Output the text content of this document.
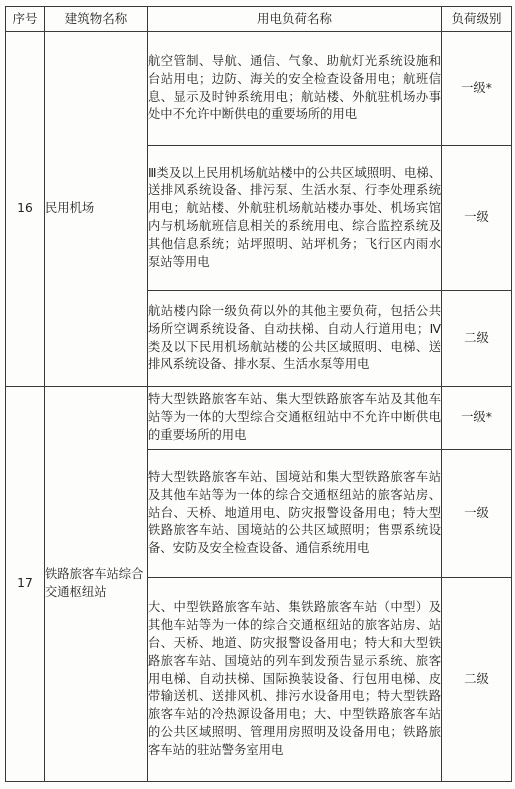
序号	建筑物名称	用电负荷名称	负荷级别
16	民用机场	航空管制、导航、通信、气象、助航灯光系统设施和台站用电；边防、海关的安全检查设备用电；航班信息、显示及时钟系统用电；航站楼、外航驻机场办事处中不允许中断供电的重要场所的用电	一级*
		Ⅲ类及以上民用机场航站楼中的公共区域照明、电梯、送排风系统设备、排污泵、生活水泵、行李处理系统用电；航站楼、外航驻机场航站楼办事处、机场宾馆内与机场航班信息相关的系统用电、综合监控系统及其他信息系统；站坪照明、站坪机务；飞行区内雨水泵站等用电	一级
		航站楼内除一级负荷以外的其他主要负荷，包括公共场所空调系统设备、自动扶梯、自动人行道用电；Ⅳ类及以下民用机场航站楼的公共区域照明、电梯、送排风系统设备、排水泵、生活水泵等用电	二级
17	铁路旅客车站综合交通枢纽站	特大型铁路旅客车站、集大型铁路旅客车站及其他车站等为一体的大型综合交通枢纽站中不允许中断供电的重要场所的用电	一级*
		特大型铁路旅客车站、国境站和集大型铁路旅客车站及其他车站等为一体的综合交通枢纽站的旅客站房、站台、天桥、地道用电、防灾报警设备用电；特大型铁路旅客车站、国境站的公共区域照明；售票系统设备、安防及安全检查设备、通信系统用电	一级
		大、中型铁路旅客车站、集铁路旅客车站（中型）及其他车站等为一体的综合交通枢纽站的旅客站房、站台、天桥、地道、防灾报警设备用电；特大和大型铁路旅客车站、国境站的列车到发预告显示系统、旅客用电梯、自动扶梯、国际换装设备、行包用电梯、皮带输送机、送排风机、排污水设备用电；特大型铁路旅客车站的冷热源设备用电；大、中型铁路旅客车站的公共区域照明、管理用房照明及设备用电；铁路旅客车站的驻站警务室用电	二级
